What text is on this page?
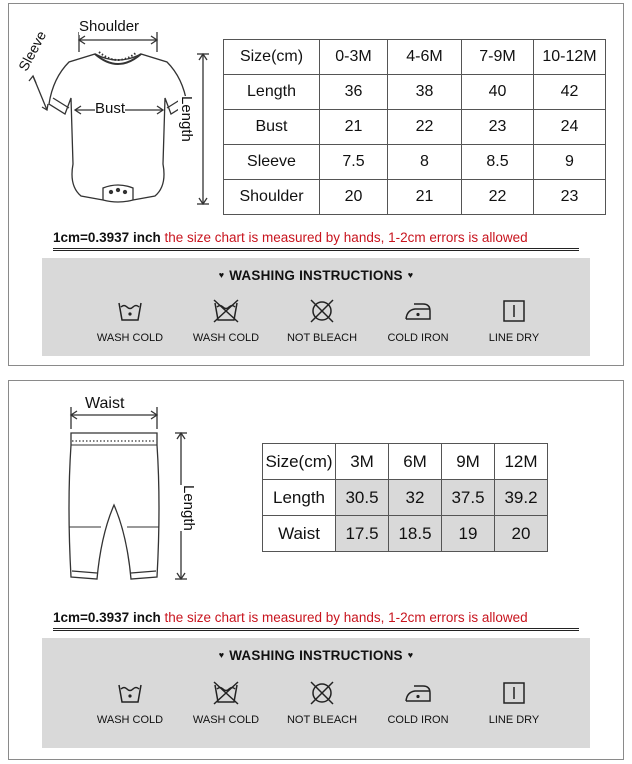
Shoulder
Sleeve
Bust	Length
Size(cm)	0-3M	4-6M	7-9M	10-12M
Length	36	38	40	42
Bust	21	22	23	24
Sleeve	7.5	8	8.5	9
Shoulder	20	21	22	23
1cm=0.3937 inch the size chart is measured by hands, 1-2cm errors is allowed
♥ WASHING INSTRUCTIONS ♥
WASH COLD	WASH COLD	NOT BLEACH	COLD IRON	LINE DRY
Waist
Length
Size(cm)	3M	6M	9M	12M
Length	30.5	32	37.5	39.2
Waist	17.5	18.5	19	20
1cm=0.3937 inch the size chart is measured by hands, 1-2cm errors is allowed
♥ WASHING INSTRUCTIONS ♥
WASH COLD	WASH COLD	NOT BLEACH	COLD IRON	LINE DRY
